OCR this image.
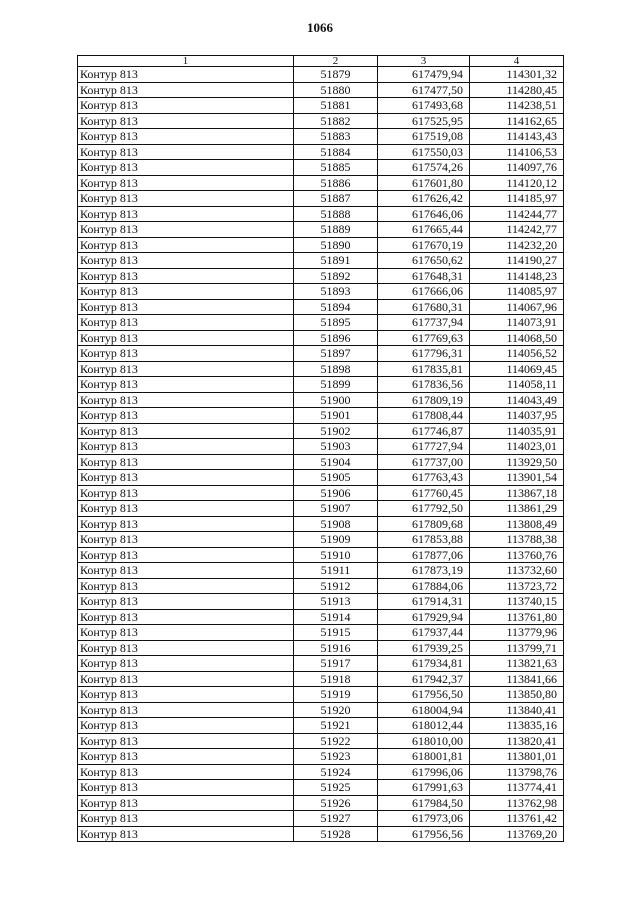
1066
1	2	3	4
Контур 813	51879	617479,94	114301,32
Контур 813	51880	617477,50	114280,45
Контур 813	51881	617493,68	114238,51
Контур 813	51882	617525,95	114162,65
Контур 813	51883	617519,08	114143,43
Контур 813	51884	617550,03	114106,53
Контур 813	51885	617574,26	114097,76
Контур 813	51886	617601,80	114120,12
Контур 813	51887	617626,42	114185,97
Контур 813	51888	617646,06	114244,77
Контур 813	51889	617665,44	114242,77
Контур 813	51890	617670,19	114232,20
Контур 813	51891	617650,62	114190,27
Контур 813	51892	617648,31	114148,23
Контур 813	51893	617666,06	114085,97
Контур 813	51894	617680,31	114067,96
Контур 813	51895	617737,94	114073,91
Контур 813	51896	617769,63	114068,50
Контур 813	51897	617796,31	114056,52
Контур 813	51898	617835,81	114069,45
Контур 813	51899	617836,56	114058,11
Контур 813	51900	617809,19	114043,49
Контур 813	51901	617808,44	114037,95
Контур 813	51902	617746,87	114035,91
Контур 813	51903	617727,94	114023,01
Контур 813	51904	617737,00	113929,50
Контур 813	51905	617763,43	113901,54
Контур 813	51906	617760,45	113867,18
Контур 813	51907	617792,50	113861,29
Контур 813	51908	617809,68	113808,49
Контур 813	51909	617853,88	113788,38
Контур 813	51910	617877,06	113760,76
Контур 813	51911	617873,19	113732,60
Контур 813	51912	617884,06	113723,72
Контур 813	51913	617914,31	113740,15
Контур 813	51914	617929,94	113761,80
Контур 813	51915	617937,44	113779,96
Контур 813	51916	617939,25	113799,71
Контур 813	51917	617934,81	113821,63
Контур 813	51918	617942,37	113841,66
Контур 813	51919	617956,50	113850,80
Контур 813	51920	618004,94	113840,41
Контур 813	51921	618012,44	113835,16
Контур 813	51922	618010,00	113820,41
Контур 813	51923	618001,81	113801,01
Контур 813	51924	617996,06	113798,76
Контур 813	51925	617991,63	113774,41
Контур 813	51926	617984,50	113762,98
Контур 813	51927	617973,06	113761,42
Контур 813	51928	617956,56	113769,20
